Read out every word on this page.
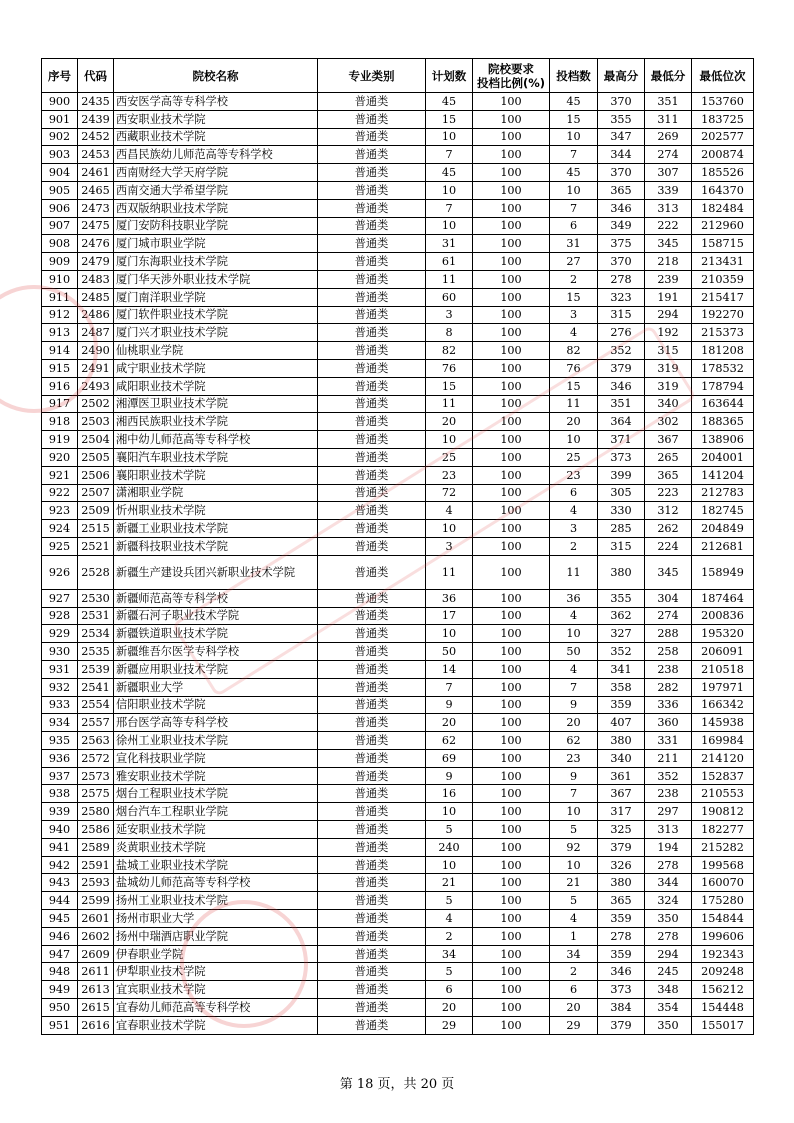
序号	代码	院校名称	专业类别	计划数	院校要求
投档比例(%)	投档数	最高分	最低分	最低位次
900	2435	西安医学高等专科学校	普通类	45	100	45	370	351	153760
901	2439	西安职业技术学院	普通类	15	100	15	355	311	183725
902	2452	西藏职业技术学院	普通类	10	100	10	347	269	202577
903	2453	西昌民族幼儿师范高等专科学校	普通类	7	100	7	344	274	200874
904	2461	西南财经大学天府学院	普通类	45	100	45	370	307	185526
905	2465	西南交通大学希望学院	普通类	10	100	10	365	339	164370
906	2473	西双版纳职业技术学院	普通类	7	100	7	346	313	182484
907	2475	厦门安防科技职业学院	普通类	10	100	6	349	222	212960
908	2476	厦门城市职业学院	普通类	31	100	31	375	345	158715
909	2479	厦门东海职业技术学院	普通类	61	100	27	370	218	213431
910	2483	厦门华天涉外职业技术学院	普通类	11	100	2	278	239	210359
911	2485	厦门南洋职业学院	普通类	60	100	15	323	191	215417
912	2486	厦门软件职业技术学院	普通类	3	100	3	315	294	192270
913	2487	厦门兴才职业技术学院	普通类	8	100	4	276	192	215373
914	2490	仙桃职业学院	普通类	82	100	82	352	315	181208
915	2491	咸宁职业技术学院	普通类	76	100	76	379	319	178532
916	2493	咸阳职业技术学院	普通类	15	100	15	346	319	178794
917	2502	湘潭医卫职业技术学院	普通类	11	100	11	351	340	163644
918	2503	湘西民族职业技术学院	普通类	20	100	20	364	302	188365
919	2504	湘中幼儿师范高等专科学校	普通类	10	100	10	371	367	138906
920	2505	襄阳汽车职业技术学院	普通类	25	100	25	373	265	204001
921	2506	襄阳职业技术学院	普通类	23	100	23	399	365	141204
922	2507	潇湘职业学院	普通类	72	100	6	305	223	212783
923	2509	忻州职业技术学院	普通类	4	100	4	330	312	182745
924	2515	新疆工业职业技术学院	普通类	10	100	3	285	262	204849
925	2521	新疆科技职业技术学院	普通类	3	100	2	315	224	212681
926	2528	新疆生产建设兵团兴新职业技术学院	普通类	11	100	11	380	345	158949
927	2530	新疆师范高等专科学校	普通类	36	100	36	355	304	187464
928	2531	新疆石河子职业技术学院	普通类	17	100	4	362	274	200836
929	2534	新疆铁道职业技术学院	普通类	10	100	10	327	288	195320
930	2535	新疆维吾尔医学专科学校	普通类	50	100	50	352	258	206091
931	2539	新疆应用职业技术学院	普通类	14	100	4	341	238	210518
932	2541	新疆职业大学	普通类	7	100	7	358	282	197971
933	2554	信阳职业技术学院	普通类	9	100	9	359	336	166342
934	2557	邢台医学高等专科学校	普通类	20	100	20	407	360	145938
935	2563	徐州工业职业技术学院	普通类	62	100	62	380	331	169984
936	2572	宣化科技职业学院	普通类	69	100	23	340	211	214120
937	2573	雅安职业技术学院	普通类	9	100	9	361	352	152837
938	2575	烟台工程职业技术学院	普通类	16	100	7	367	238	210553
939	2580	烟台汽车工程职业学院	普通类	10	100	10	317	297	190812
940	2586	延安职业技术学院	普通类	5	100	5	325	313	182277
941	2589	炎黄职业技术学院	普通类	240	100	92	379	194	215282
942	2591	盐城工业职业技术学院	普通类	10	100	10	326	278	199568
943	2593	盐城幼儿师范高等专科学校	普通类	21	100	21	380	344	160070
944	2599	扬州工业职业技术学院	普通类	5	100	5	365	324	175280
945	2601	扬州市职业大学	普通类	4	100	4	359	350	154844
946	2602	扬州中瑞酒店职业学院	普通类	2	100	1	278	278	199606
947	2609	伊春职业学院	普通类	34	100	34	359	294	192343
948	2611	伊犁职业技术学院	普通类	5	100	2	346	245	209248
949	2613	宜宾职业技术学院	普通类	6	100	6	373	348	156212
950	2615	宜春幼儿师范高等专科学校	普通类	20	100	20	384	354	154448
951	2616	宜春职业技术学院	普通类	29	100	29	379	350	155017
第 18 页，共 20 页
